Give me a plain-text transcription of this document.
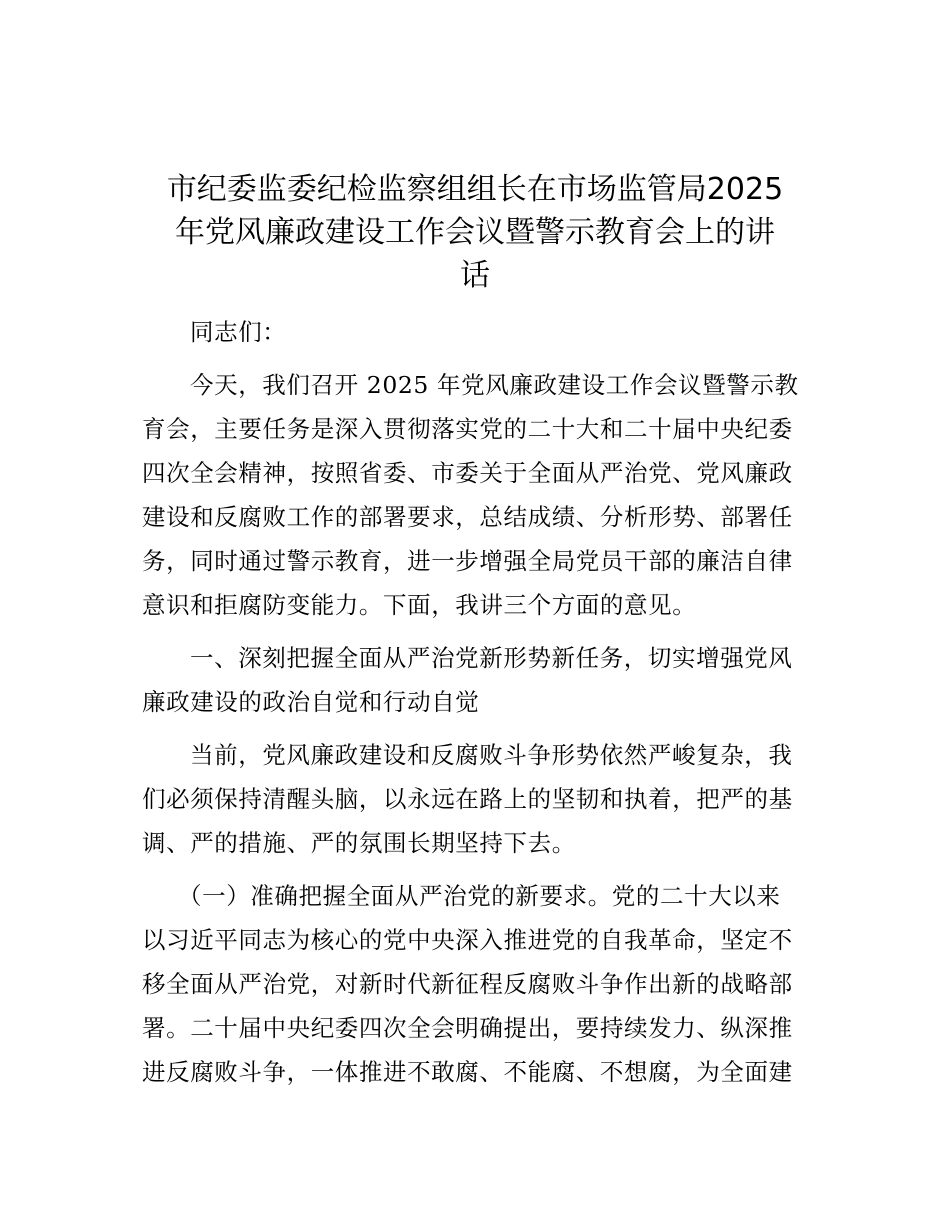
市纪委监委纪检监察组组长在市场监管局2025
年党风廉政建设工作会议暨警示教育会上的讲
话
同志们：
今天，我们召开 2025 年党风廉政建设工作会议暨警示教
育会，主要任务是深入贯彻落实党的二十大和二十届中央纪委
四次全会精神，按照省委、市委关于全面从严治党、党风廉政
建设和反腐败工作的部署要求，总结成绩、分析形势、部署任
务，同时通过警示教育，进一步增强全局党员干部的廉洁自律
意识和拒腐防变能力。下面，我讲三个方面的意见。
一、深刻把握全面从严治党新形势新任务，切实增强党风
廉政建设的政治自觉和行动自觉
当前，党风廉政建设和反腐败斗争形势依然严峻复杂，我
们必须保持清醒头脑，以永远在路上的坚韧和执着，把严的基
调、严的措施、严的氛围长期坚持下去。
（一）准确把握全面从严治党的新要求。党的二十大以来
以习近平同志为核心的党中央深入推进党的自我革命，坚定不
移全面从严治党，对新时代新征程反腐败斗争作出新的战略部
署。二十届中央纪委四次全会明确提出，要持续发力、纵深推
进反腐败斗争，一体推进不敢腐、不能腐、不想腐，为全面建
